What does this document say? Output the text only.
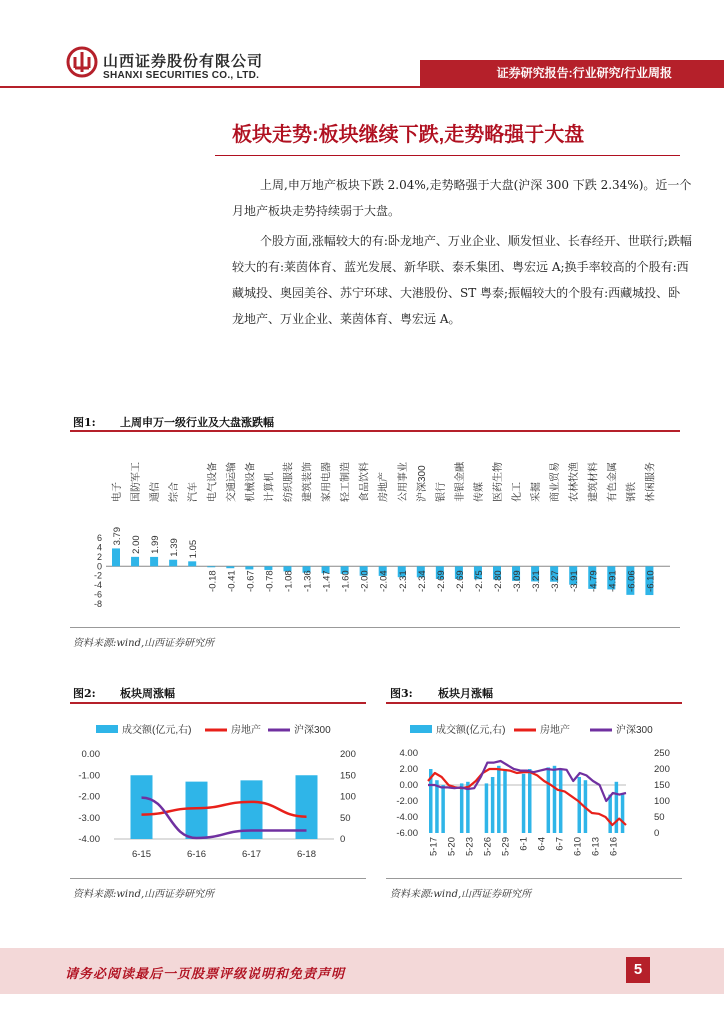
山西证券股份有限公司
SHANXI SECURITIES CO., LTD.	证券研究报告:行业研究/行业周报
板块走势:板块继续下跌,走势略强于大盘

上周,申万地产板块下跌 2.04%,走势略强于大盘(沪深 300 下跌 2.34%)。近一个月地产板块走势持续弱于大盘。

个股方面,涨幅较大的有:卧龙地产、万业企业、顺发恒业、长春经开、世联行;跌幅较大的有:莱茵体育、蓝光发展、新华联、泰禾集团、粤宏远 A;换手率较高的个股有:西藏城投、奥园美谷、苏宁环球、大港股份、ST 粤泰;振幅较大的个股有:西藏城投、卧龙地产、万业企业、莱茵体育、粤宏远 A。

图1: 上周申万一级行业及大盘涨跌幅
6
4
2
0
-2
-4
-6
-8
电子
3.79
国防军工
2.00
通信
1.99
综合
1.39
汽车
1.05
电气设备
-0.18
交通运输
-0.41
机械设备
-0.67
计算机
-0.78
纺织服装
-1.08
建筑装饰
-1.36
家用电器
-1.47
轻工制造
-1.60
食品饮料
-2.00
房地产
-2.04
公用事业
-2.31
沪深300
-2.34
银行
-2.69
非银金融
-2.69
传媒
-2.75
医药生物
-2.80
化工
-3.09
采掘
-3.21
商业贸易
-3.27
农林牧渔
-3.91
建筑材料
-4.79
有色金属
-4.91
钢铁
-6.06
休闲服务
-6.10
资料来源:wind,山西证券研究所
图2: 板块周涨幅
成交额(亿元,右)	房地产	沪深300
0.00
-1.00
-2.00
-3.00
-4.00
200
150
100
50
0
6-15	6-16	6-17	6-18
资料来源:wind,山西证券研究所
图3: 板块月涨幅
成交额(亿元,右)	房地产	沪深300
4.00
2.00
0.00
-2.00
-4.00
-6.00
250
200
150
100
50
0
5-17 5-20 5-23 5-26 5-29 6-1 6-4 6-7 6-10 6-13 6-16
资料来源:wind,山西证券研究所
请务必阅读最后一页股票评级说明和免责声明	5
